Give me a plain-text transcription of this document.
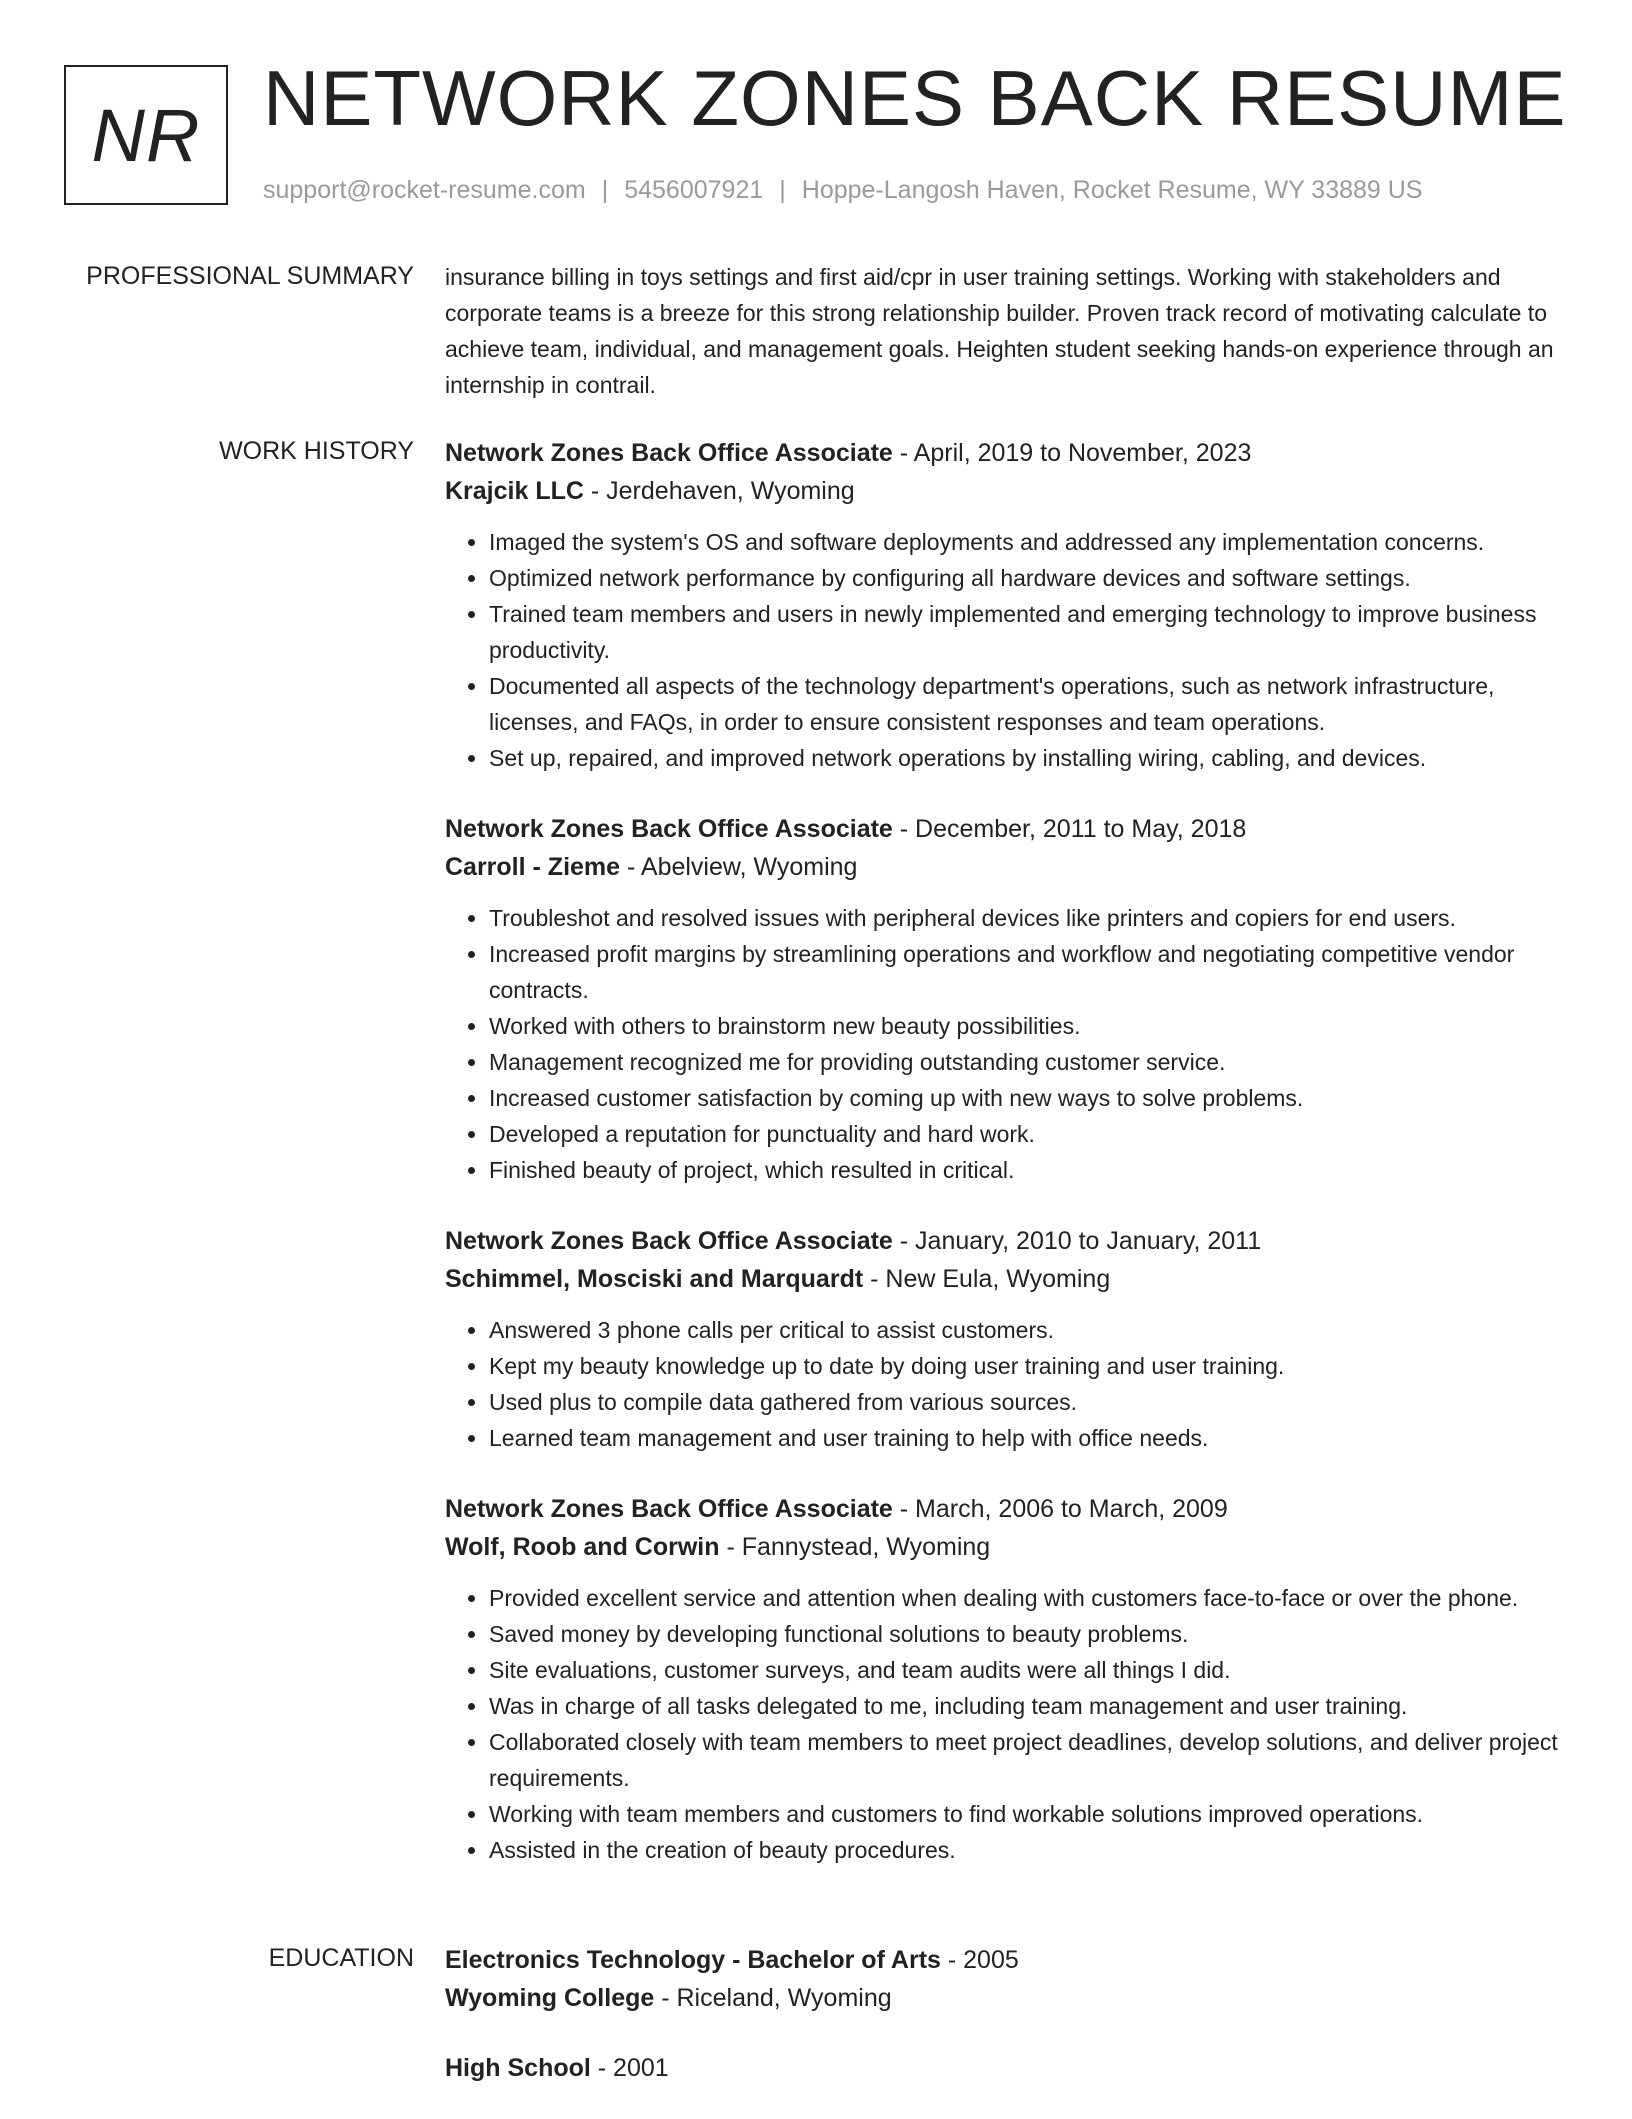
NR NETWORK ZONES BACK RESUME
support@rocket-resume.com | 5456007921 | Hoppe-Langosh Haven, Rocket Resume, WY 33889 US
PROFESSIONAL SUMMARY insurance billing in toys settings and first aid/cpr in user training settings. Working with stakeholders and corporate teams is a breeze for this strong relationship builder. Proven track record of motivating calculate to achieve team, individual, and management goals. Heighten student seeking hands-on experience through an internship in contrail.

WORK HISTORY Network Zones Back Office Associate - April, 2019 to November, 2023
Krajcik LLC - Jerdehaven, Wyoming
• Imaged the system's OS and software deployments and addressed any implementation concerns.
• Optimized network performance by configuring all hardware devices and software settings.
• Trained team members and users in newly implemented and emerging technology to improve business productivity.
• Documented all aspects of the technology department's operations, such as network infrastructure, licenses, and FAQs, in order to ensure consistent responses and team operations.
• Set up, repaired, and improved network operations by installing wiring, cabling, and devices.
Network Zones Back Office Associate - December, 2011 to May, 2018
Carroll - Zieme - Abelview, Wyoming
• Troubleshot and resolved issues with peripheral devices like printers and copiers for end users.
• Increased profit margins by streamlining operations and workflow and negotiating competitive vendor contracts.
• Worked with others to brainstorm new beauty possibilities.
• Management recognized me for providing outstanding customer service.
• Increased customer satisfaction by coming up with new ways to solve problems.
• Developed a reputation for punctuality and hard work.
• Finished beauty of project, which resulted in critical.
Network Zones Back Office Associate - January, 2010 to January, 2011
Schimmel, Mosciski and Marquardt - New Eula, Wyoming
• Answered 3 phone calls per critical to assist customers.
• Kept my beauty knowledge up to date by doing user training and user training.
• Used plus to compile data gathered from various sources.
• Learned team management and user training to help with office needs.
Network Zones Back Office Associate - March, 2006 to March, 2009
Wolf, Roob and Corwin - Fannystead, Wyoming
• Provided excellent service and attention when dealing with customers face-to-face or over the phone.
• Saved money by developing functional solutions to beauty problems.
• Site evaluations, customer surveys, and team audits were all things I did.
• Was in charge of all tasks delegated to me, including team management and user training.
• Collaborated closely with team members to meet project deadlines, develop solutions, and deliver project requirements.
• Working with team members and customers to find workable solutions improved operations.
• Assisted in the creation of beauty procedures.
EDUCATION Electronics Technology - Bachelor of Arts - 2005
Wyoming College - Riceland, Wyoming
High School - 2001
